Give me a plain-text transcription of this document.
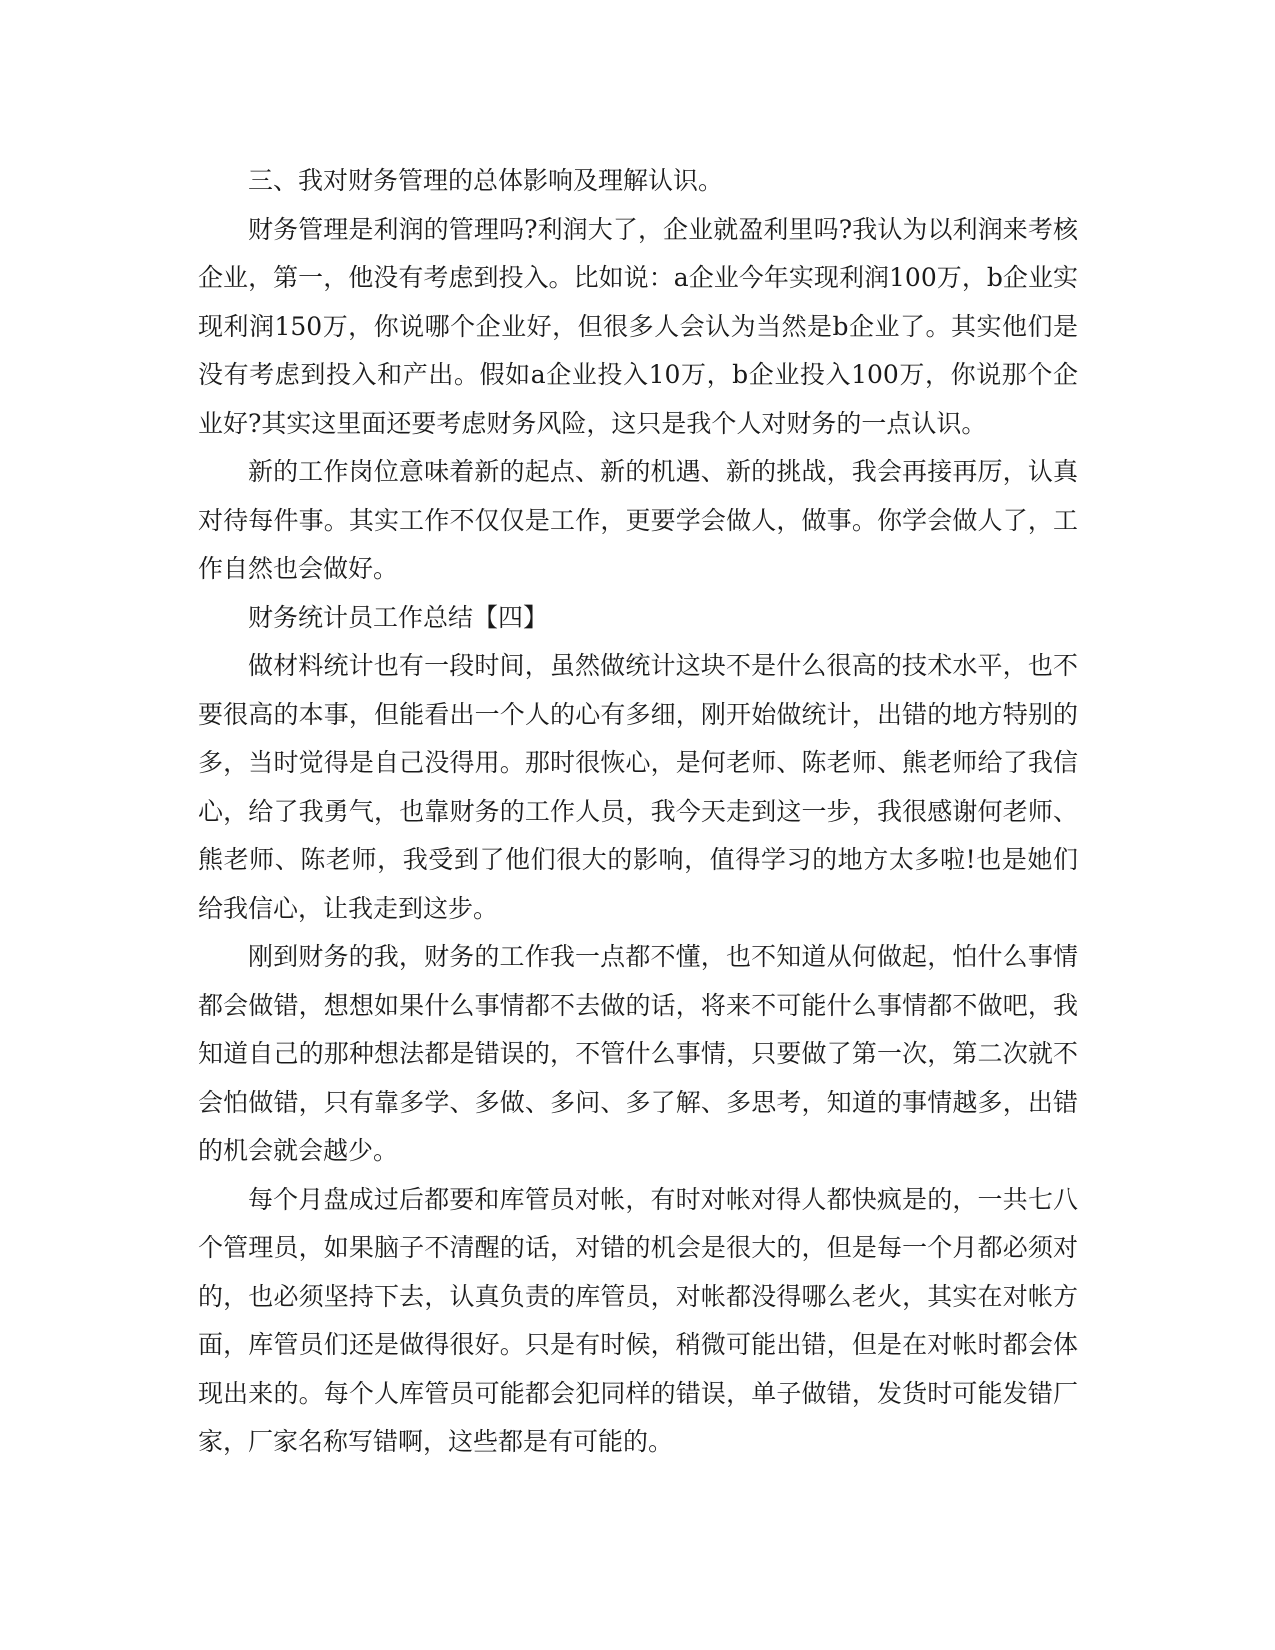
三、我对财务管理的总体影响及理解认识。

财务管理是利润的管理吗?利润大了，企业就盈利里吗?我认为以利润来考核企业，第一，他没有考虑到投入。比如说：a企业今年实现利润100万，b企业实现利润150万，你说哪个企业好，但很多人会认为当然是b企业了。其实他们是没有考虑到投入和产出。假如a企业投入10万，b企业投入100万，你说那个企业好?其实这里面还要考虑财务风险，这只是我个人对财务的一点认识。

新的工作岗位意味着新的起点、新的机遇、新的挑战，我会再接再厉，认真对待每件事。其实工作不仅仅是工作，更要学会做人，做事。你学会做人了，工作自然也会做好。

财务统计员工作总结【四】

做材料统计也有一段时间，虽然做统计这块不是什么很高的技术水平，也不要很高的本事，但能看出一个人的心有多细，刚开始做统计，出错的地方特别的多，当时觉得是自己没得用。那时很恢心，是何老师、陈老师、熊老师给了我信心，给了我勇气，也靠财务的工作人员，我今天走到这一步，我很感谢何老师、熊老师、陈老师，我受到了他们很大的影响，值得学习的地方太多啦!也是她们给我信心，让我走到这步。

刚到财务的我，财务的工作我一点都不懂，也不知道从何做起，怕什么事情都会做错，想想如果什么事情都不去做的话，将来不可能什么事情都不做吧，我知道自己的那种想法都是错误的，不管什么事情，只要做了第一次，第二次就不会怕做错，只有靠多学、多做、多问、多了解、多思考，知道的事情越多，出错的机会就会越少。

每个月盘成过后都要和库管员对帐，有时对帐对得人都快疯是的，一共七八个管理员，如果脑子不清醒的话，对错的机会是很大的，但是每一个月都必须对的，也必须坚持下去，认真负责的库管员，对帐都没得哪么老火，其实在对帐方面，库管员们还是做得很好。只是有时候，稍微可能出错，但是在对帐时都会体现出来的。每个人库管员可能都会犯同样的错误，单子做错，发货时可能发错厂家，厂家名称写错啊，这些都是有可能的。
